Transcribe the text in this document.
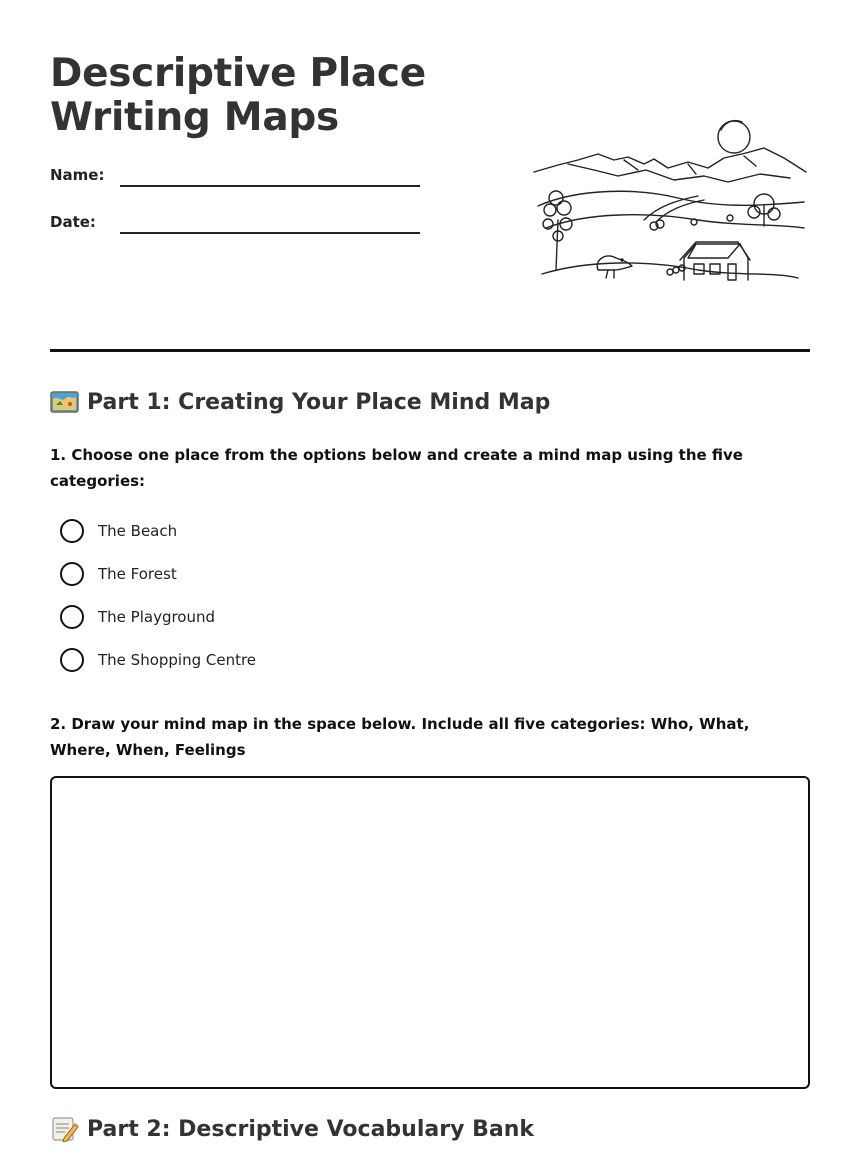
Descriptive Place
Writing Maps
Name:
Date:
Part 1: Creating Your Place Mind Map
1. Choose one place from the options below and create a mind map using the five categories:
The Beach
The Forest
The Playground
The Shopping Centre
2. Draw your mind map in the space below. Include all five categories: Who, What, Where, When, Feelings
Part 2: Descriptive Vocabulary Bank
